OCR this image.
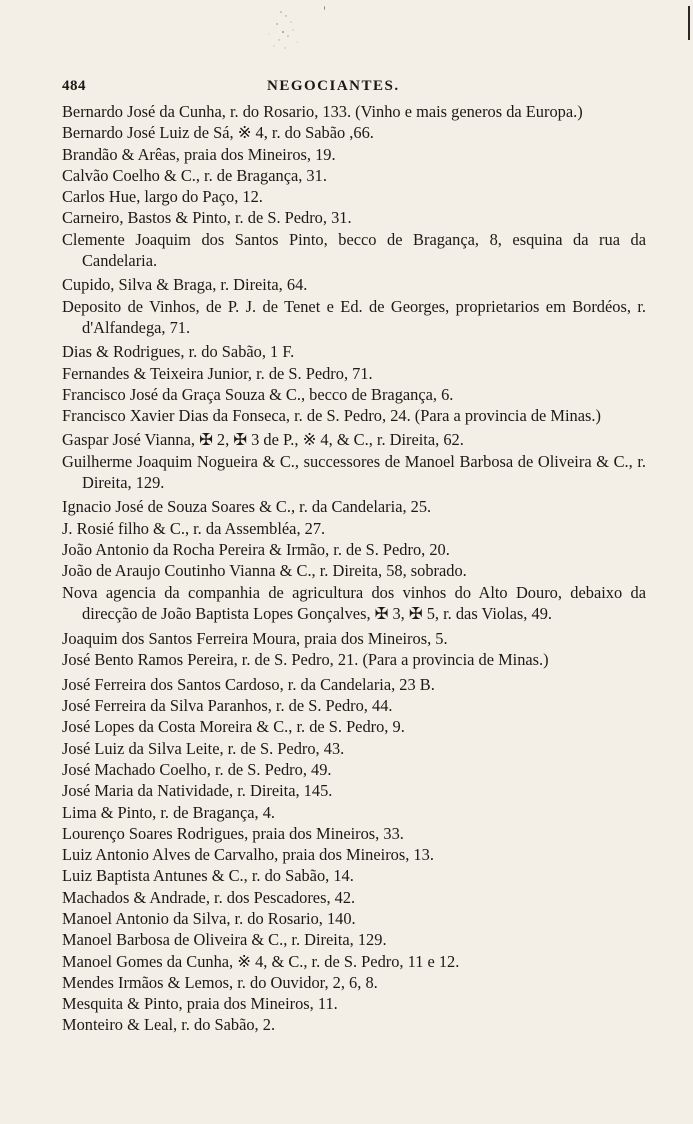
484	NEGOCIANTES.
Bernardo José da Cunha, r. do Rosario, 133. (Vinho e mais generos da Europa.)
Bernardo José Luiz de Sá, ※ 4, r. do Sabão ,66.
Brandão & Arêas, praia dos Mineiros, 19.
Calvão Coelho & C., r. de Bragança, 31.
Carlos Hue, largo do Paço, 12.
Carneiro, Bastos & Pinto, r. de S. Pedro, 31.
Clemente Joaquim dos Santos Pinto, becco de Bragança, 8, esquina da rua da Candelaria.
Cupido, Silva & Braga, r. Direita, 64.
Deposito de Vinhos, de P. J. de Tenet e Ed. de Georges, proprietarios em Bordéos, r. d'Alfandega, 71.
Dias & Rodrigues, r. do Sabão, 1 F.
Fernandes & Teixeira Junior, r. de S. Pedro, 71.
Francisco José da Graça Souza & C., becco de Bragança, 6.
Francisco Xavier Dias da Fonseca, r. de S. Pedro, 24. (Para a provincia de Minas.)
Gaspar José Vianna, ✠ 2, ✠ 3 de P., ※ 4, & C., r. Direita, 62.
Guilherme Joaquim Nogueira & C., successores de Manoel Barbosa de Oliveira & C., r. Direita, 129.
Ignacio José de Souza Soares & C., r. da Candelaria, 25.
J. Rosié filho & C., r. da Assembléa, 27.
João Antonio da Rocha Pereira & Irmão, r. de S. Pedro, 20.
João de Araujo Coutinho Vianna & C., r. Direita, 58, sobrado.
Nova agencia da companhia de agricultura dos vinhos do Alto Douro, debaixo da direcção de João Baptista Lopes Gonçalves, ✠ 3, ✠ 5, r. das Violas, 49.
Joaquim dos Santos Ferreira Moura, praia dos Mineiros, 5.
José Bento Ramos Pereira, r. de S. Pedro, 21. (Para a provincia de Minas.)
José Ferreira dos Santos Cardoso, r. da Candelaria, 23 B.
José Ferreira da Silva Paranhos, r. de S. Pedro, 44.
José Lopes da Costa Moreira & C., r. de S. Pedro, 9.
José Luiz da Silva Leite, r. de S. Pedro, 43.
José Machado Coelho, r. de S. Pedro, 49.
José Maria da Natividade, r. Direita, 145.
Lima & Pinto, r. de Bragança, 4.
Lourenço Soares Rodrigues, praia dos Mineiros, 33.
Luiz Antonio Alves de Carvalho, praia dos Mineiros, 13.
Luiz Baptista Antunes & C., r. do Sabão, 14.
Machados & Andrade, r. dos Pescadores, 42.
Manoel Antonio da Silva, r. do Rosario, 140.
Manoel Barbosa de Oliveira & C., r. Direita, 129.
Manoel Gomes da Cunha, ※ 4, & C., r. de S. Pedro, 11 e 12.
Mendes Irmãos & Lemos, r. do Ouvidor, 2, 6, 8.
Mesquita & Pinto, praia dos Mineiros, 11.
Monteiro & Leal, r. do Sabão, 2.
